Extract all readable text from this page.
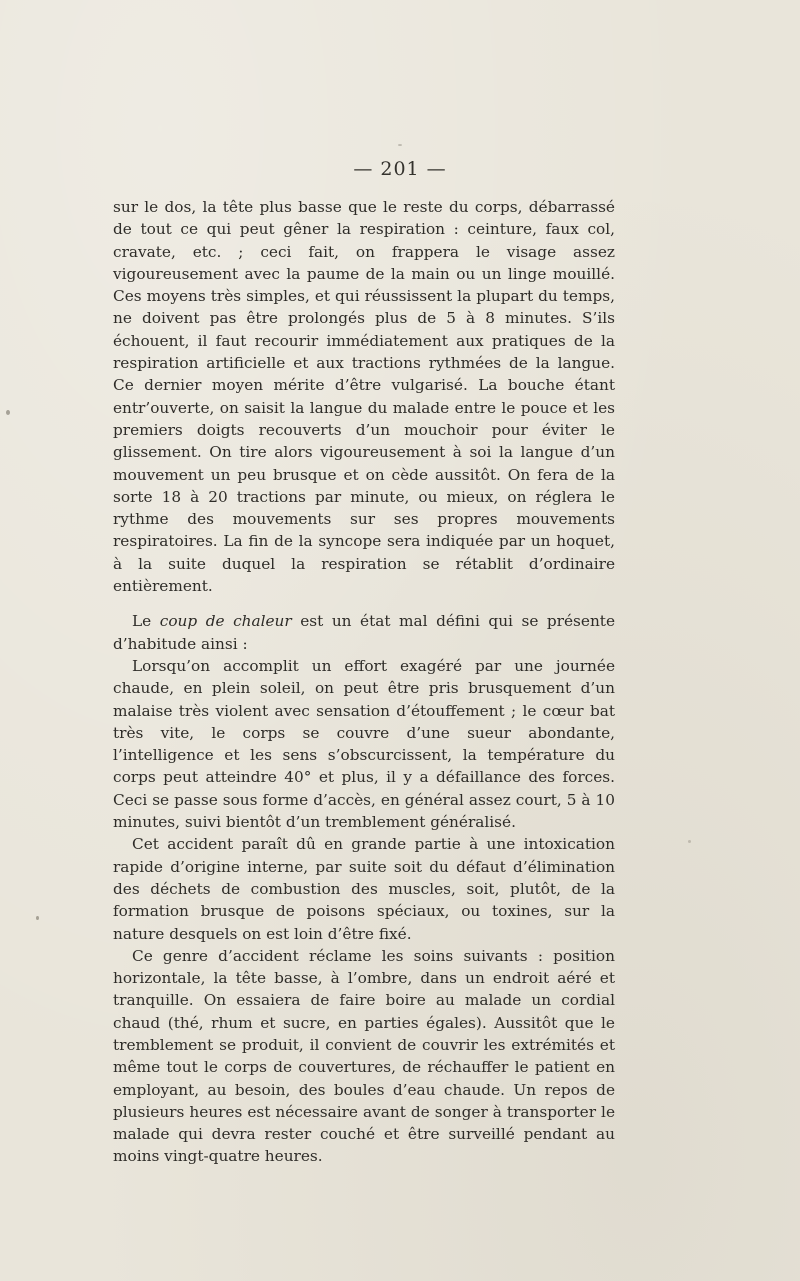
— 201 —

sur le dos, la tête plus basse que le reste du corps, débarrassé de tout ce qui peut gêner la respiration : ceinture, faux col, cravate, etc. ; ceci fait, on frappera le visage assez vigoureusement avec la paume de la main ou un linge mouillé. Ces moyens très simples, et qui réussissent la plupart du temps, ne doivent pas être prolongés plus de 5 à 8 minutes. S’ils échouent, il faut recourir immédiatement aux pratiques de la respiration artificielle et aux tractions rythmées de la langue. Ce dernier moyen mérite d’être vulgarisé. La bouche étant entr’ouverte, on saisit la langue du malade entre le pouce et les premiers doigts recouverts d’un mouchoir pour éviter le glissement. On tire alors vigoureusement à soi la langue d’un mouvement un peu brusque et on cède aussitôt. On fera de la sorte 18 à 20 tractions par minute, ou mieux, on réglera le rythme des mouvements sur ses propres mouvements respiratoires. La fin de la syncope sera indiquée par un hoquet, à la suite duquel la respiration se rétablit d’ordinaire entièrement.

Le coup de chaleur est un état mal défini qui se présente d’habitude ainsi :

Lorsqu’on accomplit un effort exagéré par une journée chaude, en plein soleil, on peut être pris brusquement d’un malaise très violent avec sensation d’étouffement ; le cœur bat très vite, le corps se couvre d’une sueur abondante, l’intelligence et les sens s’obscurcissent, la température du corps peut atteindre 40° et plus, il y a défaillance des forces. Ceci se passe sous forme d’accès, en général assez court, 5 à 10 minutes, suivi bientôt d’un tremblement généralisé.

Cet accident paraît dû en grande partie à une intoxication rapide d’origine interne, par suite soit du défaut d’élimination des déchets de combustion des muscles, soit, plutôt, de la formation brusque de poisons spéciaux, ou toxines, sur la nature desquels on est loin d’être fixé.

Ce genre d’accident réclame les soins suivants : position horizontale, la tête basse, à l’ombre, dans un endroit aéré et tranquille. On essaiera de faire boire au malade un cordial chaud (thé, rhum et sucre, en parties égales). Aussitôt que le tremblement se produit, il convient de couvrir les extrémités et même tout le corps de couvertures, de réchauffer le patient en employant, au besoin, des boules d’eau chaude. Un repos de plusieurs heures est nécessaire avant de songer à transporter le malade qui devra rester couché et être surveillé pendant au moins vingt-quatre heures.
